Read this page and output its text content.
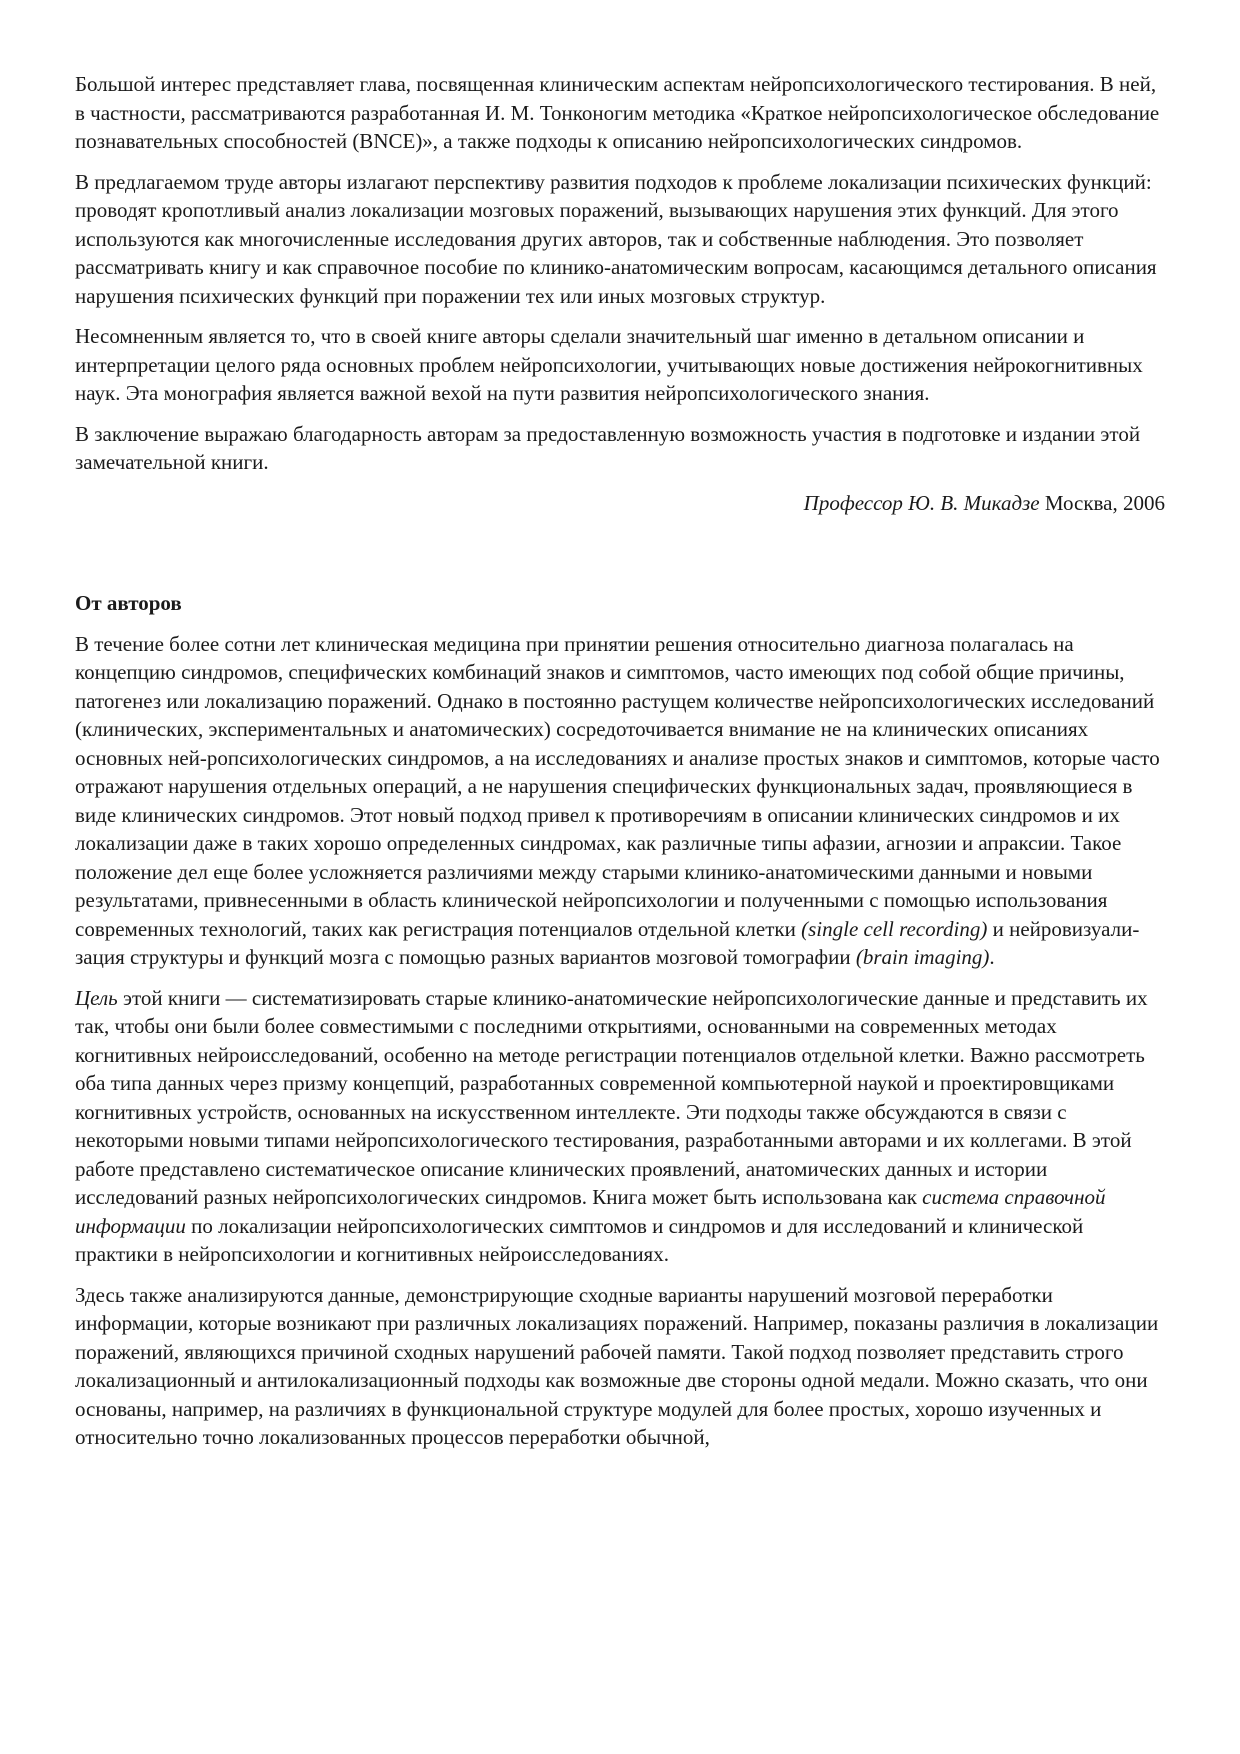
Большой интерес представляет глава, посвященная клиническим аспектам нейропсихологического тестирования. В ней, в частности, рассматриваются разработанная И. М. Тонконогим методика «Краткое нейропсихологическое обследование познавательных способностей (BNCE)», а также подходы к описанию нейропсихологических синдромов.

В предлагаемом труде авторы излагают перспективу развития подходов к проблеме локализации психических функций: проводят кропотливый анализ локализации мозговых поражений, вызывающих нарушения этих функций. Для этого используются как многочисленные исследования других авторов, так и собственные наблюдения. Это позволяет рассматривать книгу и как справочное пособие по клинико-анатомическим вопросам, касающимся детального описания нарушения психических функций при поражении тех или иных мозговых структур.

Несомненным является то, что в своей книге авторы сделали значительный шаг именно в детальном описании и интерпретации целого ряда основных проблем нейропсихологии, учитывающих новые достижения нейрокогнитивных наук. Эта монография является важной вехой на пути развития нейропсихологического знания.

В заключение выражаю благодарность авторам за предоставленную возможность участия в подготовке и издании этой замечательной книги.

Профессор Ю. В. Микадзе Москва, 2006

От авторов

В течение более сотни лет клиническая медицина при принятии решения относительно диагноза полагалась на концепцию синдромов, специфических комбинаций знаков и симптомов, часто имеющих под собой общие причины, патогенез или локализацию поражений. Однако в постоянно растущем количестве нейропсихологических исследований (клинических, экспериментальных и анатомических) сосредоточивается внимание не на клинических описаниях основных ней-ропсихологических синдромов, а на исследованиях и анализе простых знаков и симптомов, которые часто отражают нарушения отдельных операций, а не нарушения специфических функциональных задач, проявляющиеся в виде клинических синдромов. Этот новый подход привел к противоречиям в описании клинических синдромов и их локализации даже в таких хорошо определенных синдромах, как различные типы афазии, агнозии и апраксии. Такое положение дел еще более усложняется различиями между старыми клинико-анатомическими данными и новыми результатами, привнесенными в область клинической нейропсихологии и полученными с помощью использования современных технологий, таких как регистрация потенциалов отдельной клетки (single cell recording) и нейровизуали-зация структуры и функций мозга с помощью разных вариантов мозговой томографии (brain imaging).

Цель этой книги — систематизировать старые клинико-анатомические нейропсихологические данные и представить их так, чтобы они были более совместимыми с последними открытиями, основанными на современных методах когнитивных нейроисследований, особенно на методе регистрации потенциалов отдельной клетки. Важно рассмотреть оба типа данных через призму концепций, разработанных современной компьютерной наукой и проектировщиками когнитивных устройств, основанных на искусственном интеллекте. Эти подходы также обсуждаются в связи с некоторыми новыми типами нейропсихологического тестирования, разработанными авторами и их коллегами. В этой работе представлено систематическое описание клинических проявлений, анатомических данных и истории исследований разных нейропсихологических синдромов. Книга может быть использована как система справочной информации по локализации нейропсихологических симптомов и синдромов и для исследований и клинической практики в нейропсихологии и когнитивных нейроисследованиях.

Здесь также анализируются данные, демонстрирующие сходные варианты нарушений мозговой переработки информации, которые возникают при различных локализациях поражений. Например, показаны различия в локализации поражений, являющихся причиной сходных нарушений рабочей памяти. Такой подход позволяет представить строго локализационный и антилокализационный подходы как возможные две стороны одной медали. Можно сказать, что они основаны, например, на различиях в функциональной структуре модулей для более простых, хорошо изученных и относительно точно локализованных процессов переработки обычной,
